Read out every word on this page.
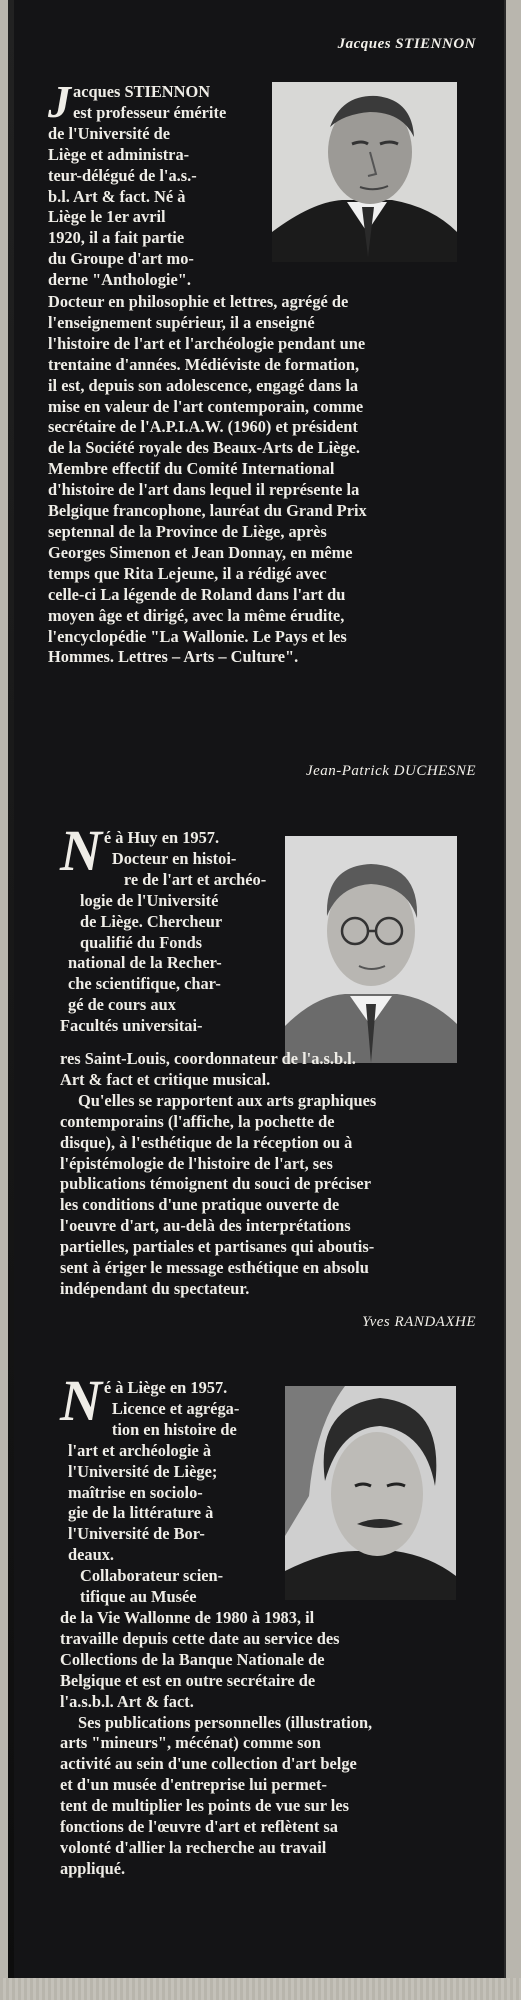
Jacques STIENNON
Jacques STIENNON
est professeur émérite
de l'Université de
Liège et administra-
teur-délégué de l'a.s.-
b.l. Art & fact. Né à
Liège le 1er avril
1920, il a fait partie
du Groupe d'art mo-
derne "Anthologie".
Docteur en philosophie et lettres, agrégé de
l'enseignement supérieur, il a enseigné
l'histoire de l'art et l'archéologie pendant une
trentaine d'années. Médiéviste de formation,
il est, depuis son adolescence, engagé dans la
mise en valeur de l'art contemporain, comme
secrétaire de l'A.P.I.A.W. (1960) et président
de la Société royale des Beaux-Arts de Liège.
Membre effectif du Comité International
d'histoire de l'art dans lequel il représente la
Belgique francophone, lauréat du Grand Prix
septennal de la Province de Liège, après
Georges Simenon et Jean Donnay, en même
temps que Rita Lejeune, il a rédigé avec
celle-ci La légende de Roland dans l'art du
moyen âge et dirigé, avec la même érudite,
l'encyclopédie "La Wallonie. Le Pays et les
Hommes. Lettres – Arts – Culture".
Jean-Patrick DUCHESNE
Né à Huy en 1957.
Docteur en histoi-
re de l'art et archéo-
logie de l'Université
de Liège. Chercheur
qualifié du Fonds
national de la Recher-
che scientifique, char-
gé de cours aux
Facultés universitai-
res Saint-Louis, coordonnateur de l'a.s.b.l.
Art & fact et critique musical.
Qu'elles se rapportent aux arts graphiques
contemporains (l'affiche, la pochette de
disque), à l'esthétique de la réception ou à
l'épistémologie de l'histoire de l'art, ses
publications témoignent du souci de préciser
les conditions d'une pratique ouverte de
l'oeuvre d'art, au-delà des interprétations
partielles, partiales et partisanes qui aboutis-
sent à ériger le message esthétique en absolu
indépendant du spectateur.
Yves RANDAXHE
Né à Liège en 1957.
Licence et agréga-
tion en histoire de
l'art et archéologie à
l'Université de Liège;
maîtrise en sociolo-
gie de la littérature à
l'Université de Bor-
deaux.
Collaborateur scien-
tifique au Musée
de la Vie Wallonne de 1980 à 1983, il
travaille depuis cette date au service des
Collections de la Banque Nationale de
Belgique et est en outre secrétaire de
l'a.s.b.l. Art & fact.
Ses publications personnelles (illustration,
arts "mineurs", mécénat) comme son
activité au sein d'une collection d'art belge
et d'un musée d'entreprise lui permet-
tent de multiplier les points de vue sur les
fonctions de l'œuvre d'art et reflètent sa
volonté d'allier la recherche au travail
appliqué.
